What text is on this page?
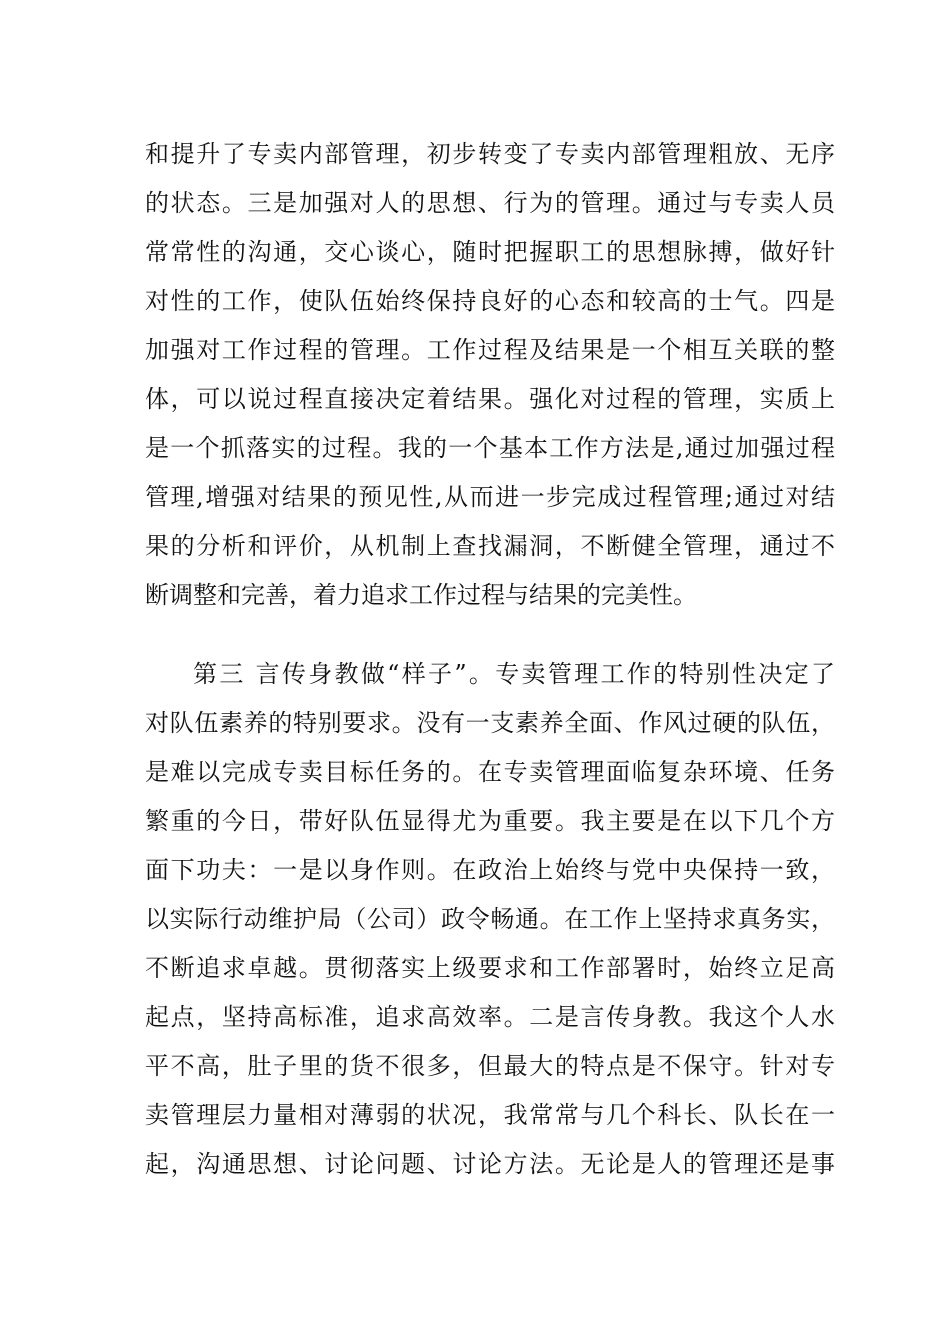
和提升了专卖内部管理，初步转变了专卖内部管理粗放、无序
的状态。三是加强对人的思想、行为的管理。通过与专卖人员
常常性的沟通，交心谈心，随时把握职工的思想脉搏，做好针
对性的工作，使队伍始终保持良好的心态和较高的士气。四是
加强对工作过程的管理。工作过程及结果是一个相互关联的整
体，可以说过程直接决定着结果。强化对过程的管理，实质上
是一个抓落实的过程。我的一个基本工作方法是,通过加强过程
管理,增强对结果的预见性,从而进一步完成过程管理;通过对结
果的分析和评价，从机制上查找漏洞，不断健全管理，通过不
断调整和完善，着力追求工作过程与结果的完美性。
第三 言传身教做“样子”。专卖管理工作的特别性决定了
对队伍素养的特别要求。没有一支素养全面、作风过硬的队伍，
是难以完成专卖目标任务的。在专卖管理面临复杂环境、任务
繁重的今日，带好队伍显得尤为重要。我主要是在以下几个方
面下功夫：一是以身作则。在政治上始终与党中央保持一致，
以实际行动维护局（公司）政令畅通。在工作上坚持求真务实，
不断追求卓越。贯彻落实上级要求和工作部署时，始终立足高
起点，坚持高标准，追求高效率。二是言传身教。我这个人水
平不高，肚子里的货不很多，但最大的特点是不保守。针对专
卖管理层力量相对薄弱的状况，我常常与几个科长、队长在一
起，沟通思想、讨论问题、讨论方法。无论是人的管理还是事
